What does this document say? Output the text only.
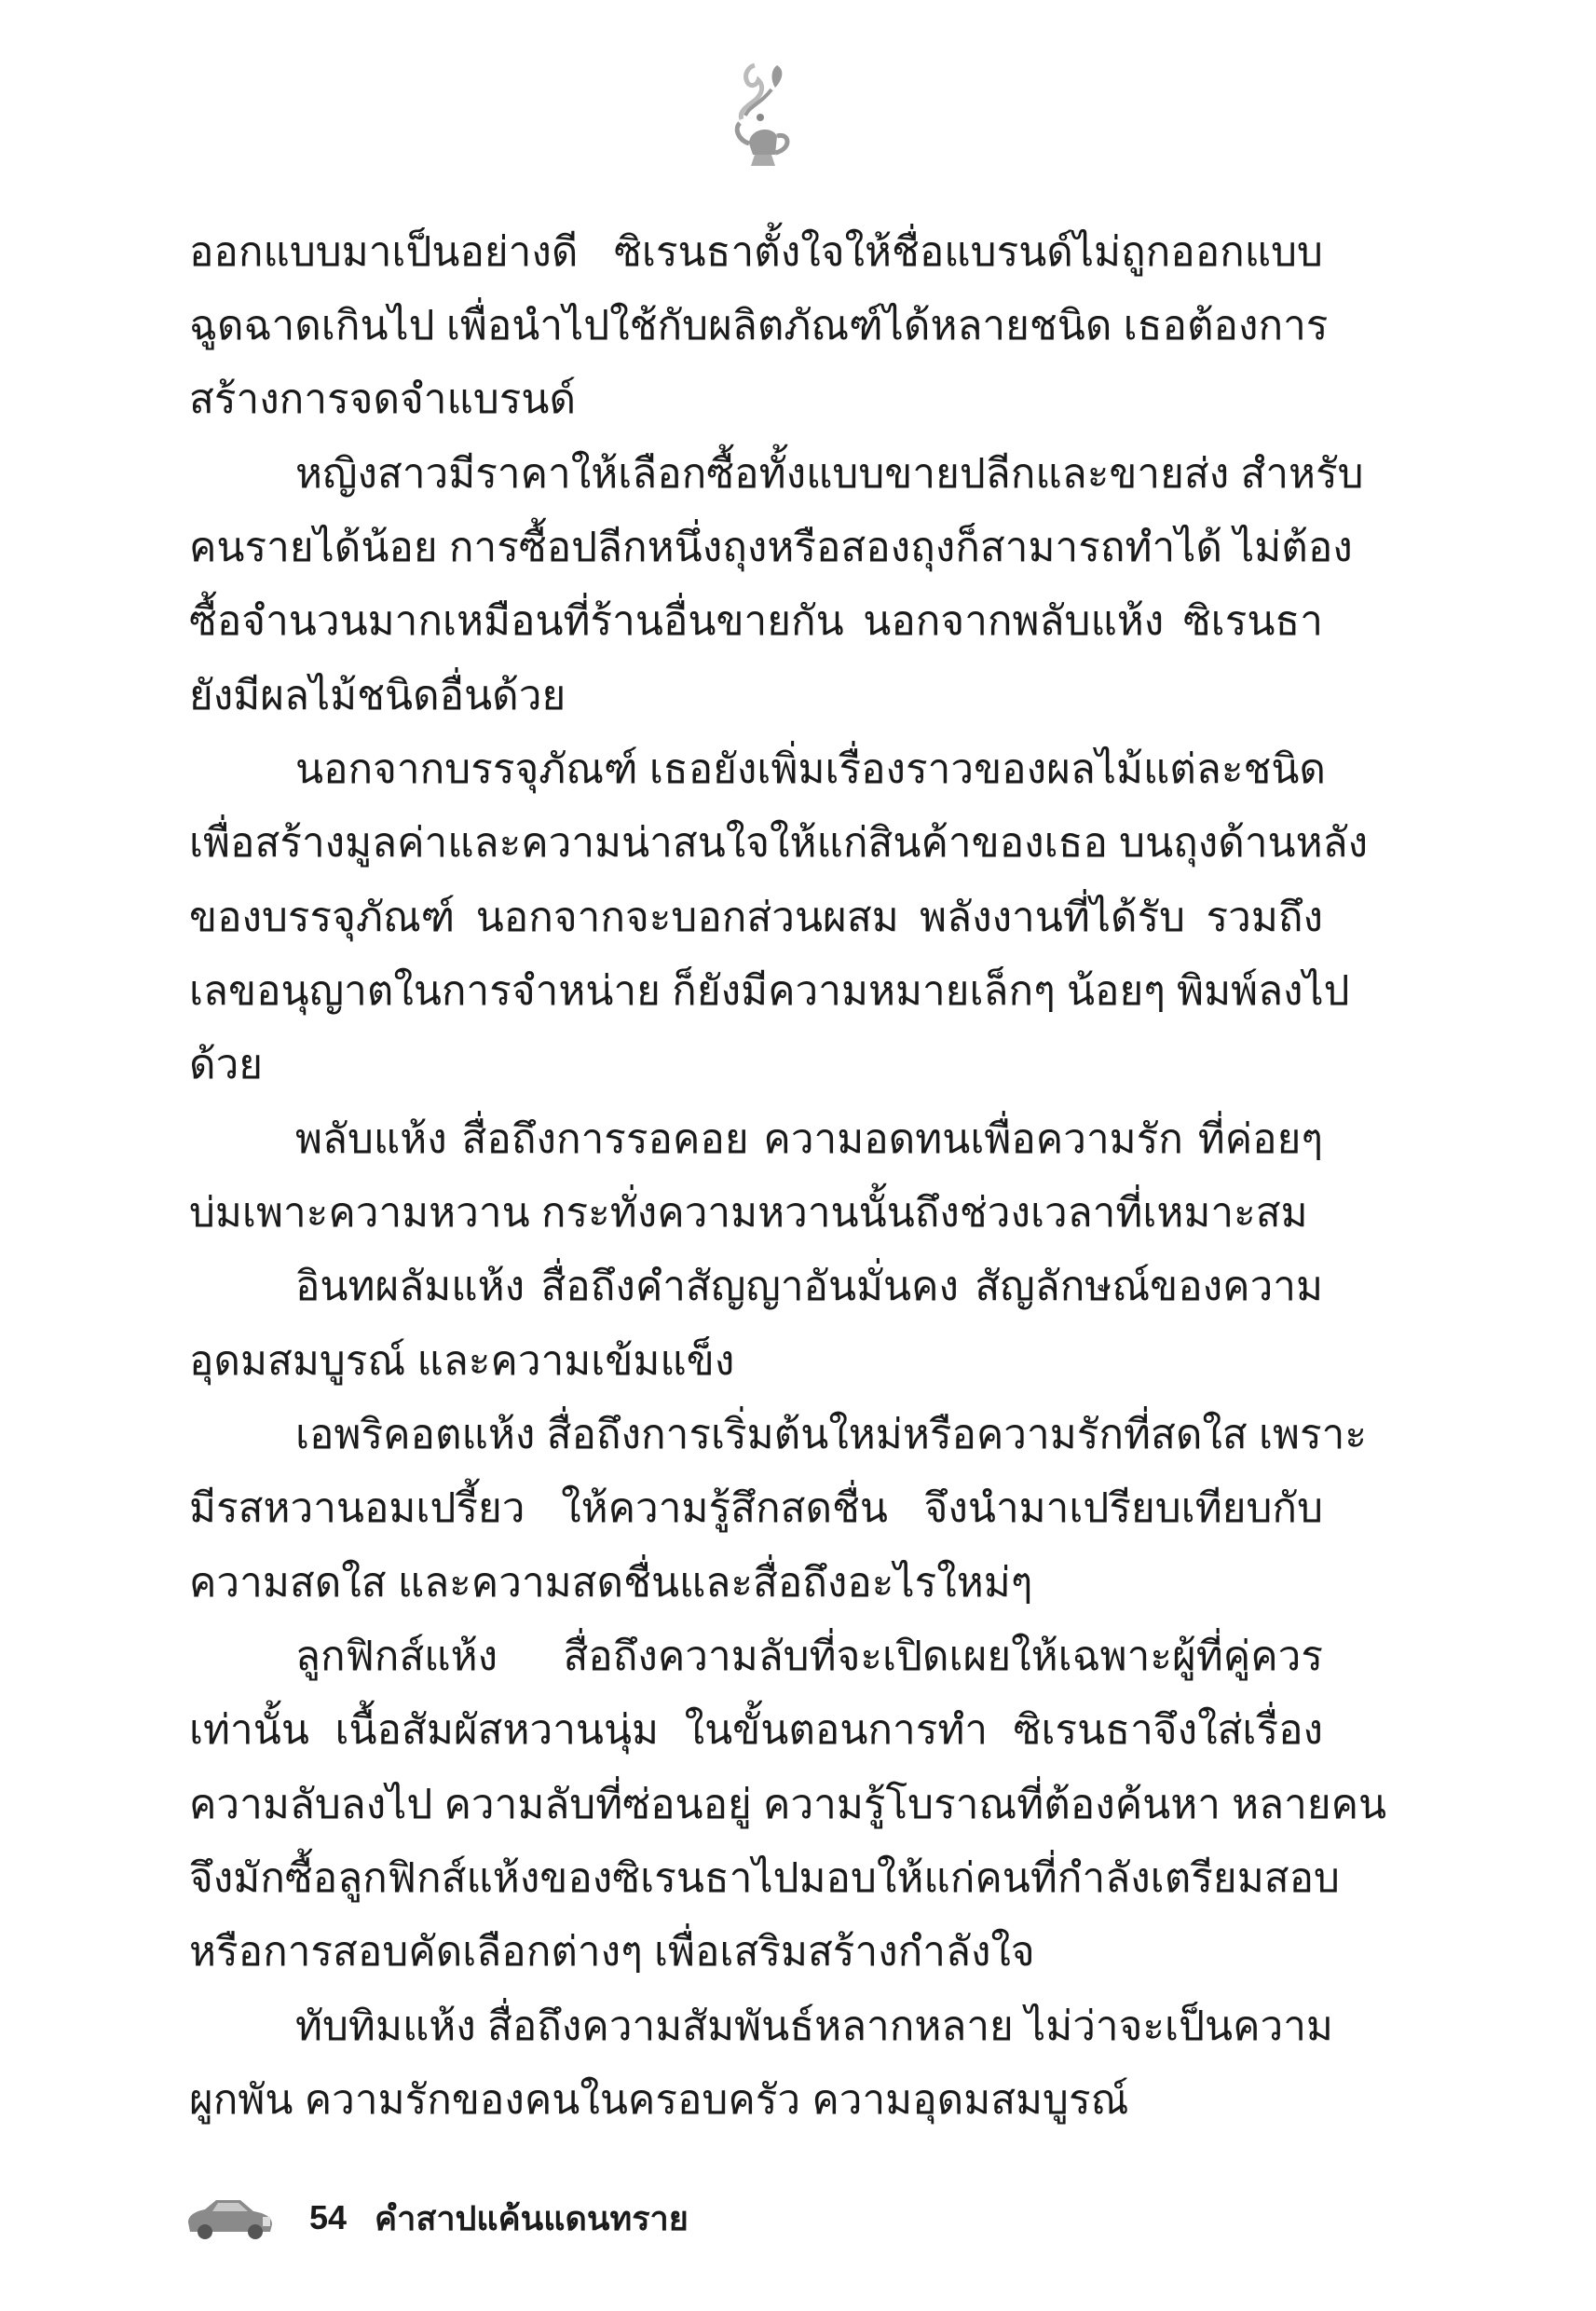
ออกแบบมาเป็นอย่างดี ซิเรนธาตั้งใจให้ชื่อแบรนด์ไม่ถูกออกแบบ
ฉูดฉาดเกินไป เพื่อนำไปใช้กับผลิตภัณฑ์ได้หลายชนิด เธอต้องการ
สร้างการจดจำแบรนด์
หญิงสาวมีราคาให้เลือกซื้อทั้งแบบขายปลีกและขายส่ง สำหรับ
คนรายได้น้อย การซื้อปลีกหนึ่งถุงหรือสองถุงก็สามารถทำได้ ไม่ต้อง
ซื้อจำนวนมากเหมือนที่ร้านอื่นขายกัน นอกจากพลับแห้ง ซิเรนธา
ยังมีผลไม้ชนิดอื่นด้วย
นอกจากบรรจุภัณฑ์ เธอยังเพิ่มเรื่องราวของผลไม้แต่ละชนิด
เพื่อสร้างมูลค่าและความน่าสนใจให้แก่สินค้าของเธอ บนถุงด้านหลัง
ของบรรจุภัณฑ์ นอกจากจะบอกส่วนผสม พลังงานที่ได้รับ รวมถึง
เลขอนุญาตในการจำหน่าย ก็ยังมีความหมายเล็กๆ น้อยๆ พิมพ์ลงไป
ด้วย
พลับแห้ง สื่อถึงการรอคอย ความอดทนเพื่อความรัก ที่ค่อยๆ
บ่มเพาะความหวาน กระทั่งความหวานนั้นถึงช่วงเวลาที่เหมาะสม
อินทผลัมแห้ง สื่อถึงคำสัญญาอันมั่นคง สัญลักษณ์ของความ
อุดมสมบูรณ์ และความเข้มแข็ง
เอพริคอตแห้ง สื่อถึงการเริ่มต้นใหม่หรือความรักที่สดใส เพราะ
มีรสหวานอมเปรี้ยว ให้ความรู้สึกสดชื่น จึงนำมาเปรียบเทียบกับ
ความสดใส และความสดชื่นและสื่อถึงอะไรใหม่ๆ
ลูกฟิกส์แห้ง สื่อถึงความลับที่จะเปิดเผยให้เฉพาะผู้ที่คู่ควร
เท่านั้น เนื้อสัมผัสหวานนุ่ม ในขั้นตอนการทำ ซิเรนธาจึงใส่เรื่อง
ความลับลงไป ความลับที่ซ่อนอยู่ ความรู้โบราณที่ต้องค้นหา หลายคน
จึงมักซื้อลูกฟิกส์แห้งของซิเรนธาไปมอบให้แก่คนที่กำลังเตรียมสอบ
หรือการสอบคัดเลือกต่างๆ เพื่อเสริมสร้างกำลังใจ
ทับทิมแห้ง สื่อถึงความสัมพันธ์หลากหลาย ไม่ว่าจะเป็นความ
ผูกพัน ความรักของคนในครอบครัว ความอุดมสมบูรณ์
54 คำสาปแค้นแดนทราย
